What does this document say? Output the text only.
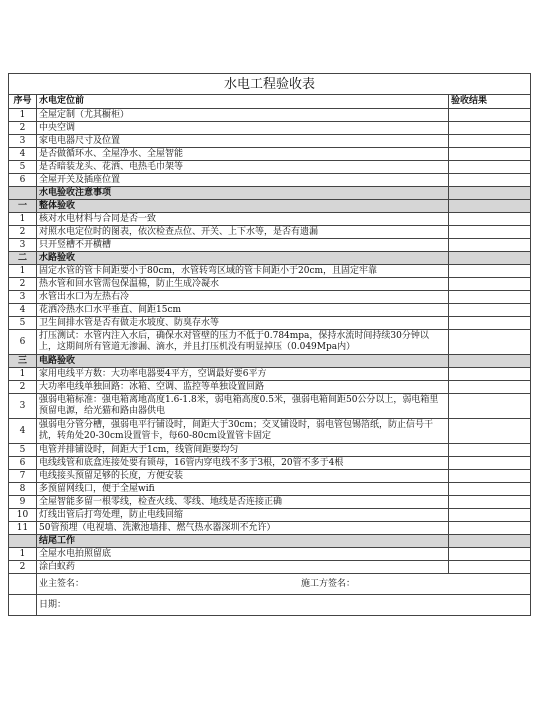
水电工程验收表		
序号	水电定位前	验收结果
1	全屋定制（尤其橱柜）	
2	中央空调	
3	家电电器尺寸及位置	
4	是否做循环水、全屋净水、全屋智能	
5	是否暗装龙头、花洒、电热毛巾架等	
6	全屋开关及插座位置	
	水电验收注意事项	
一	整体验收	
1	核对水电材料与合同是否一致	
2	对照水电定位时的图表，依次检查点位、开关、上下水等，是否有遗漏	
3	只开竖槽不开横槽	
二	水路验收	
1	固定水管的管卡间距要小于80cm，水管转弯区域的管卡间距小于20cm，且固定牢靠	
2	热水管和回水管需包保温棉，防止生成冷凝水	
3	水管出水口为左热右冷	
4	花洒冷热水口水平垂直、间距15cm	
5	卫生间排水管是否有做走水坡度、防臭存水等	
6	打压测试：水管内注入水后，确保水对管壁的压力不低于0.784mpa，保持水流时间持续30分钟以上，这期间所有管道无渗漏、滴水，并且打压机没有明显掉压（0.049Mpa内）	
三	电路验收	
1	家用电线平方数：大功率电器要4平方，空调最好要6平方	
2	大功率电线单独回路：冰箱、空调、监控等单独设置回路	
3	强弱电箱标准：强电箱离地高度1.6-1.8米，弱电箱高度0.5米，强弱电箱间距50公分以上，弱电箱里预留电源，给光猫和路由器供电	
4	强弱电分管分槽，强弱电平行铺设时，间距大于30cm；交叉铺设时，弱电管包锡箔纸，防止信号干扰，转角处20-30cm设置管卡，每60-80cm设置管卡固定	
5	电管并排铺设时，间距大于1cm，线管间距要均匀	
6	电线线管和底盒连接处要有锁母，16管内穿电线不多于3根，20管不多于4根	
7	电线接头预留足够的长度，方便安装	
8	多预留网线口，便于全屋wifi	
9	全屋智能多留一根零线，检查火线、零线、地线是否连接正确	
10	灯线出管后打弯处理，防止电线回缩	
11	50管预埋（电视墙、洗漱池墙排、燃气热水器深圳不允许）	
	结尾工作	
1	全屋水电拍照留底	
2	涂白蚁药	

	业主签名： 施工方签名：	

	日期：	
